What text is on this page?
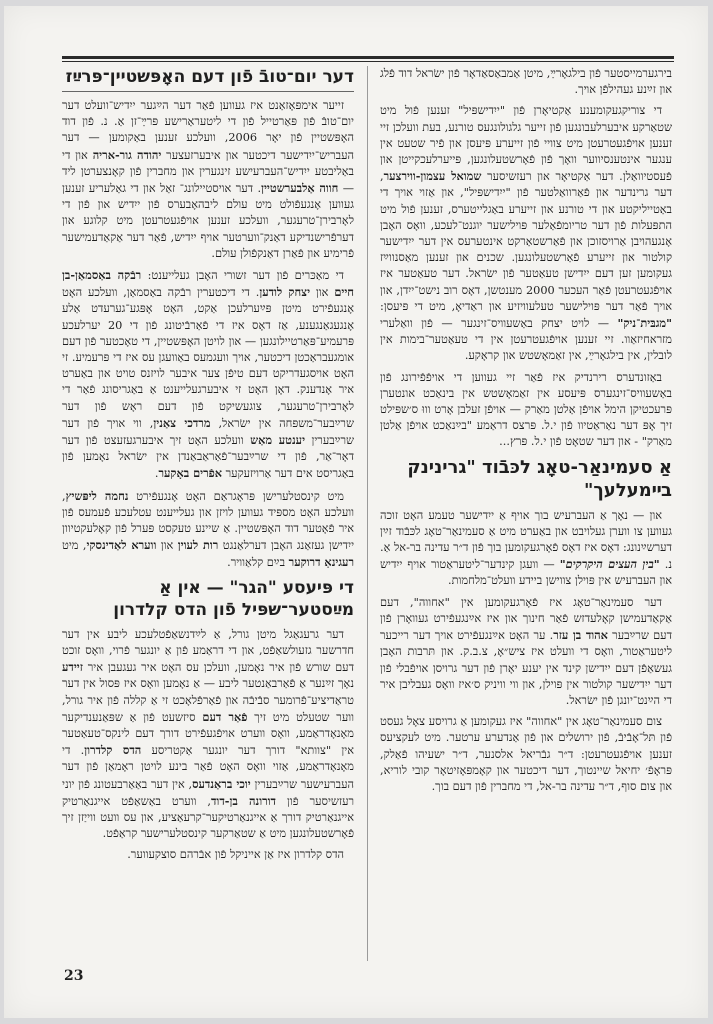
בירגערמייסטער פֿון בילגאָרײַ, מיטן אַמבאַסאַדאָר פֿון ישׂראל דוד פֿלג און זײַנע געהילפֿן אױך.

די צוריקגעקומענע אַקטיאָרן פֿון "ייִדישפּיל" זענען פֿול מיט שטאַרקע איבערלעבונגען פֿון זייער גלגולונגעס טורנע, בעת וועלכן זיי זענען אויפֿגעטרעטן מיט צוויי פֿון זייערע פּיעסן און פֿיר שטעט אין ענגער אינטענסיווער וואָך פֿון פֿאָרשטעלונגען, פּייערלעכקייטן און פֿעסטיוואַלן. דער אַקטיאָר און רעזשיסער שמואל עצמון-ווירצער, דער גרינדער און פֿאַרוואַלטער פֿון "ייִדישפּיל", און אַזוי אויך די באַטייליקטע און די טורנע און זייערע באַגלייטערס, זענען פֿול מיט התפּעלות פֿון דער טריומפֿאַלער פּוילישער יוגנט־לעכע, וואָס האָבן אָנגעהויבן אַרויסזוכן און פֿאַרשטאַרקט אינטערעס אין דער ייִדישער קולטור און זייערע פֿאַרשטעלונגען. שכנים און זענען מאַסנווײַז געקומען זען דעם ייִדישן טעאַטער פֿון ישׂראל. דער טעאַטער איז אויפֿגעטרעטן פֿאַר העכער 2000 מענטשן, דאָס רוב נישט־ייִדן, און אויך פֿאַר דער פּוילישער טעלעוויזיע און ראַדיאָ, מיט די פּיעסן: "מגבּית־ניק" — לויט יצחק באַשעוויס־זינגער — פֿון וואַלערי מזראחיזאַוו. זיי זענען אויפֿגעטרעטן אין די טעאַטער־בימות אין לובלין, אין בילגאָרײַ, אין זאַמאָשטש און קראָקע.

באַזונדערס רירנדיק איז פֿאַר זיי געווען די אויפֿפֿירונג פֿון באַשעוויס־זינגערס פּיעסע אין זאַמאָשטש אין בינאַכט אונטערן פּרעכטיקן הימל אויפֿן אַלטן מאַרק — אויפֿן זעלבן אָרט וווּ ס׳שפּילט זיך אָפּ דער נאַראַטיוו פֿון י.ל. פּרצס דראַמע "בײַנאַכט אויפֿן אַלטן מאַרק" - און דער שטאָט פֿון י.ל. פּרץ...

אַ סעמינאַר-טאָג לכּבֿוד "גרינינק בײמעלעך"

און — נאָך אַ העברעיש בוך אויף אַ ייִדישער טעמע האָט זוכה געווען צו ווערן געלויבט און באַערט מיט אַ סעמינאַר־טאָג לכּבֿוד זײַן דערשײַנונג: דאָס איז דאָס פֿאָרגעקומען בוך פֿון ד״ר עדינה בר-אל אַ. נ. "בין העצים היקרקים" — וועגן קינדער־ליטעראַטור אויף ייִדיש און העברעיש אין פּוילן צווישן ביידע וועלט־מלחמות.

דער סעמינאַר־טאָג איז פֿאָרגעקומען אין "אחווה", דעם אַקאַדעמישן קאָלעדזש פֿאַר חינוך און איז אײַנגעפֿירט געוואָרן פֿון דעם שרײַבער אהוד בן עזר. ער האָט אײַנגעפֿירט אויך דער רייכער ליטעראַטור, וואָס די וועלט איז ציש״אָ, צ.ב.ק. און תּרבות האָבן געשאַפֿן דעם ייִדישן קינד אין יענע יאָרן פֿון דער גרויסן אויפֿבלי פֿון דער ייִדישער קולטור אין פּוילן, און ווי וויניק ס׳איז וואָס געבליבן איר די הײַנט־יונגן פֿון ישׂראל.

צום סעמינאַר־טאָג אין "אחווה" איז געקומען אַ גרויסע צאָל געסט פֿון תּל־אָבֿיבֿ, פֿון ירושלים און פֿון אַנדערע ערטער. מיט לעקציעס זענען אויפֿגעטרעטן: ד״ר גבֿריאל אלסנער, ד״ר ישעיהו פֿאַלק, פּראָפֿ׳ יחיאל שיינטוך, דער דיכטער און קאָמפּאָזיטאָר קובי לוריא, און צום סוף, ד״ר עדינה בר-אל, די מחברין פֿון דעם בוך.

דער יום־טובֿ פֿון דעם האָפּשטיין־פּרײַז

זייער אימפּאָזאַנט איז געווען פֿאַר דער הײַגער ייִדיש־וועלט דער יום־טובֿ פֿון פּאַרטייל פֿון די ליטעראַרישע פּרײַ־זן אַ. נ. פֿון דוד האָפּשטיין פֿון יאָר 2006, וועלכע זענען באַקומען — דער העבריש־ייִדישער דיכטער און איבערזעצער יהודה גור-אריה און די באַליבטע ייִדיש־העברעישע זינגערין און מחברין פֿון קאָנצערטן ליד — חווה אַלבערשטיין. דער אויסטיילונג־ זאַל און די גאַלעריע זענען געווען אָנגעפֿולט מיט עולם ליבהאָבערס פֿון ייִדיש און פֿון די לאָרבירן־טרעגער, וועלכע זענען אויפֿגעטרעטן מיט קלוגע און דערפֿרישנדיקע דאַנק־ווערטער אויף ייִדיש, פֿאַר דער אַקאַדעמישער פֿרימיע און פֿאַרן דאַנקפֿולן עולם.

די מאַכּרים פֿון דער זשורי האָבן געלייענט: רבֿקה באַסמאַן-בן חיים און יצחק לודען. די דיכטערין רבֿקה באַסמאַן, וועלכע האָט אָנגעפֿירט מיטן פּײַערלעכן אַקט, האָט אָפּגע־גערעדט אַלע אָנגעגאַנגענע, אַז דאָס איז די פֿאַרבֿיטונג פֿון די 20 יערלעכע פּרעמיע־פּאַרטיילונגען — און לויטן האָפּשטיין, די טאָכטער פֿון דעם אומגעבראַכטן דיכטער, אויך וועגמעס באַוועגן עס איז די פּרעמיע. זי האָט אויסגעדריקט דעם טיפֿן צער איבער לויזנס טויט און באַערט איר אָנדענק. דאָן האָט זי איבערגעלייענט אַ באַגריסונג פֿאַר די לאָרבירן־טרעגער, צוגעשיקט פֿון דעם ראָש פֿון דער שרײַבער־משפּחה אין ישׂראל, מרדכי צאַנין, ווי אויך פֿון דער שרײַבערין יענטע מאַש וועלכע האָט זיך איבערגעזעצט פֿון דער דאָר־אַר, פֿון די שרײַבער־פֿאַראַבאַנדן אין ישׂראל נאָמען פֿון באַגריסט אים דער אַרויזעקער אפֿרים באָקער.

מיט קינסטלערישן פּראָגראַם האָט אָנגעפֿירט נחמה ליפּשיץ, וועלכע האָט מספּיד געווען לויזן און געלייענט עטלעכע פֿעמעס פֿון איר פֿאָטער דוד האָפּשטיין. אַ שיינע טעקסט פּערל פֿון קאָלעקטיוון ייִדישן געזאַנג האָבן דערלאַנגט רות לעוין און ווערא לאַדינסקי, מיט רעגינאַ דרוקער בײַם קלאַוויר.

די פּיעסע "הגר" — אין אַ מײַסטער־שפּיל פֿון הדס קלדרון

דער גרעגאַגל מיטן גורל, אַ לײַדנשאַפֿטלעכע ליבע אין דער חדרשער גזעולשאַפֿט, און די דראַמע פֿון אַ יונגער פֿרוי, וואָס זוכט דעם שורש פֿון איר נאָמען, וועלכן עס האָט איר געגעבן איר זיידע נאָך זײַנער אַ פֿאַרבאַנטער ליבע — אַ נאָמען וואָס איז פּסול אין דער טראַדיציע־פֿרומער סבֿיבֿה און פֿאַרפֿלאָכט זי אַ קללה פֿון איר גורל, ווער שטעלט מיט זיך פֿאַר דעם סיזשעט פֿון אַ שפּאַנענדיקער מאָנאָדראַמע, וואָס ווערט אויפֿגעפֿירט דורך דעם לינקס־טעאַטער אין "צוותא" דורך דער יונגער אַקטריסע הדס קלדרון. די מאָנאָדראַמע, אַזוי וואָס האָט פֿאַר בינע לויטן ראָמאַן פֿון דער העברעישער שרײַבערין יוכי בראַנדעס, אין דער באַאַרבעטונג פֿון יוני רעזשיסער פֿון דורונה בן-דוד, ווערט באַשאַפֿט אייגנאַרטיק אייגנאַרטיק דורך אַ אייגנאַרטיקער־קרעאַציע, און עס וועט ווייַזן זיך פֿאָרשטעלונגען מיט אַ שטאַרקער קינסטלערישער קראַפֿט.

הדס קלדרון איז אַן אייניקל פֿון אבֿרהם סוצקעווער.

23
